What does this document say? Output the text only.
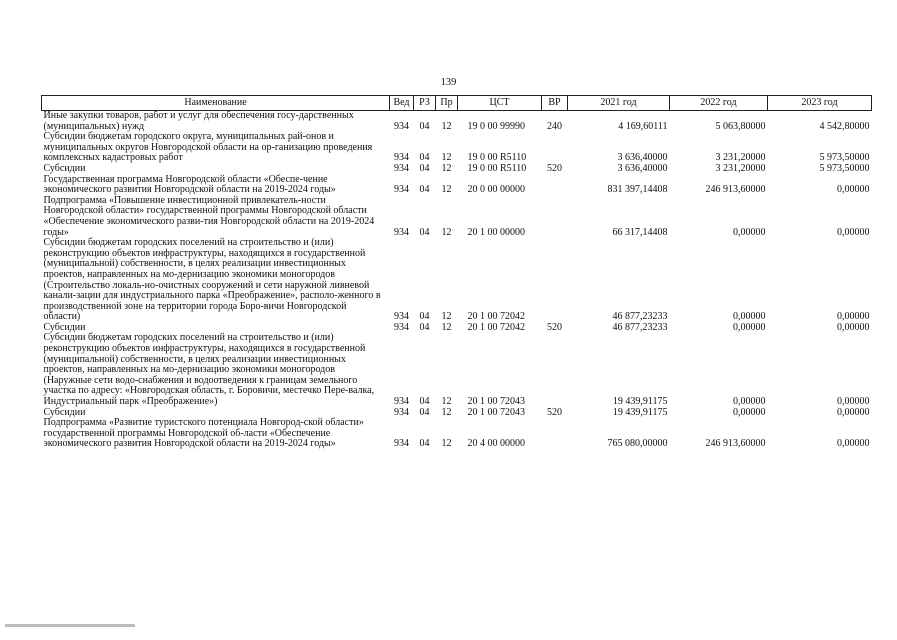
139
Наименование	Вед	РЗ	Пр	ЦСТ	ВР	2021 год	2022 год	2023 год
Иные закупки товаров, работ и услуг для обеспечения госу-дарственных (муниципальных) нужд	934	04	12	19 0 00 99990	240	4 169,60111	5 063,80000	4 542,80000
Субсидии бюджетам городского округа, муниципальных рай-онов и муниципальных округов Новгородской области на ор-ганизацию проведения комплексных кадастровых работ	934	04	12	19 0 00 R5110		3 636,40000	3 231,20000	5 973,50000
Субсидии	934	04	12	19 0 00 R5110	520	3 636,40000	3 231,20000	5 973,50000
Государственная программа Новгородской области «Обеспе-чение экономического развития Новгородской области на 2019-2024 годы»	934	04	12	20 0 00 00000		831 397,14408	246 913,60000	0,00000
Подпрограмма «Повышение инвестиционной привлекатель-ности Новгородской области» государственной программы Новгородской области «Обеспечение экономического разви-тия Новгородской области на 2019-2024 годы»	934	04	12	20 1 00 00000		66 317,14408	0,00000	0,00000
Субсидии бюджетам городских поселений на строительство и (или) реконструкцию объектов инфраструктуры, находящихся в государственной (муниципальной) собственности, в целях реализации инвестиционных проектов, направленных на мо-дернизацию экономики моногородов (Строительство локаль-но-очистных сооружений и сети наружной ливневой канали-зации для индустриального парка «Преображение», располо-женного в производственной зоне на территории города Боро-вичи Новгородской области)	934	04	12	20 1 00 72042		46 877,23233	0,00000	0,00000
Субсидии	934	04	12	20 1 00 72042	520	46 877,23233	0,00000	0,00000
Субсидии бюджетам городских поселений на строительство и (или) реконструкцию объектов инфраструктуры, находящихся в государственной (муниципальной) собственности, в целях реализации инвестиционных проектов, направленных на мо-дернизацию экономики моногородов (Наружные сети водо-снабжения и водоотведения к границам земельного участка по адресу: «Новгородская область, г. Боровичи, местечко Пере-валка, Индустриальный парк «Преображение»)	934	04	12	20 1 00 72043		19 439,91175	0,00000	0,00000
Субсидии	934	04	12	20 1 00 72043	520	19 439,91175	0,00000	0,00000
Подпрограмма «Развитие туристского потенциала Новгород-ской области» государственной программы Новгородской об-ласти «Обеспечение экономического развития Новгородской области на 2019-2024 годы»	934	04	12	20 4 00 00000		765 080,00000	246 913,60000	0,00000
